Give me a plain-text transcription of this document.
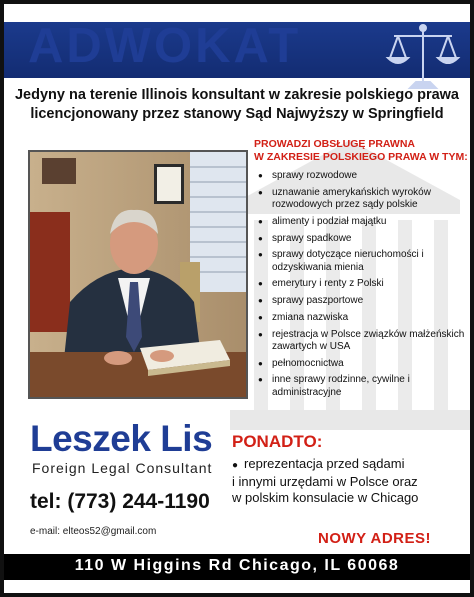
ADWOKAT
Jedyny na terenie Illinois konsultant w zakresie polskiego prawa
licencjonowany przez stanowy Sąd Najwyższy w Springfield
PROWADZI OBSŁUGĘ PRAWNA
W ZAKRESIE POLSKIEGO PRAWA W TYM:
● sprawy rozwodowe
● uznawanie amerykańskich wyroków rozwodowych przez sądy polskie
● alimenty i podział majątku
● sprawy spadkowe
● sprawy dotyczące nieruchomości i odzyskiwania mienia
● emerytury i renty z Polski
● sprawy paszportowe
● zmiana nazwiska
● rejestracja w Polsce związków małżeńskich zawartych w USA
● pełnomocnictwa
● inne sprawy rodzinne, cywilne i administracyjne
Leszek Lis
Foreign Legal Consultant
tel: (773) 244-1190
e-mail: elteos52@gmail.com
PONADTO:
● reprezentacja przed sądami
i innymi urzędami w Polsce oraz
w polskim konsulacie w Chicago
NOWY ADRES!
110 W Higgins Rd Chicago, IL 60068
